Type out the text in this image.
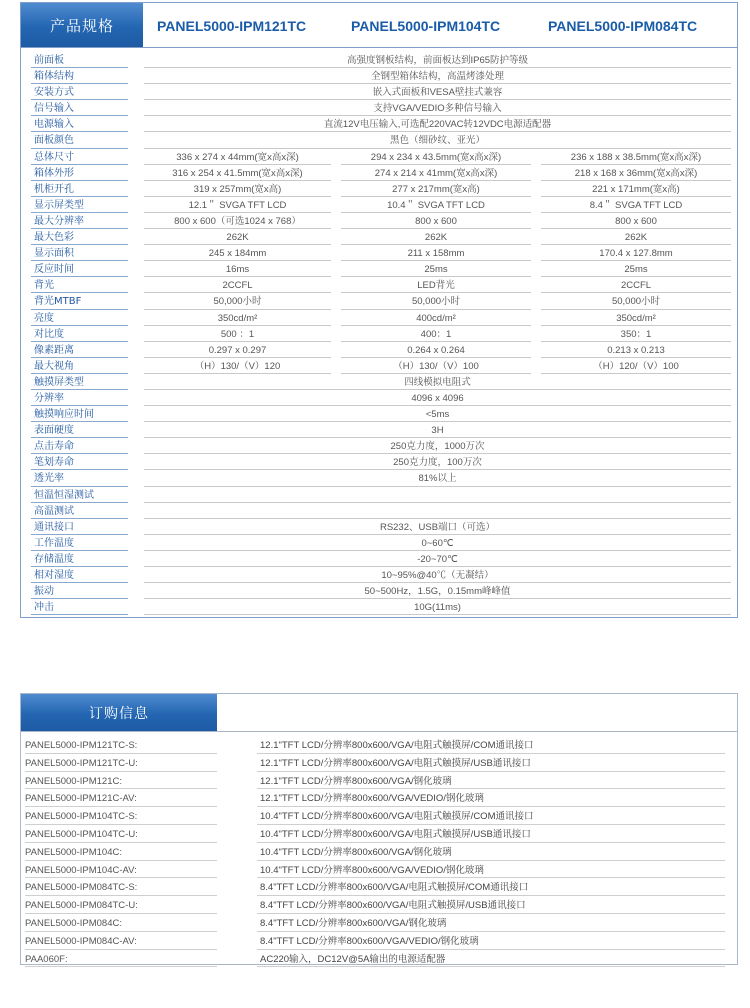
产品规格	PANEL5000-IPM121TC	PANEL5000-IPM104TC	PANEL5000-IPM084TC
前面板	高强度钢板结构，前面板达到IP65防护等级
箱体结构	全钢型箱体结构，高温烤漆处理
安装方式	嵌入式面板和VESA壁挂式兼容
信号输入	支持VGA/VEDIO多种信号输入
电源输入	直流12V电压输入,可选配220VAC转12VDC电源适配器
面板颜色	黑色（细砂纹、亚光）
总体尺寸	336 x 274 x 44mm(宽x高x深)	294 x 234 x 43.5mm(宽x高x深)	236 x 188 x 38.5mm(宽x高x深)
箱体外形	316 x 254 x 41.5mm(宽x高x深)	274 x 214 x 41mm(宽x高x深)	218 x 168 x 36mm(宽x高x深)
机柜开孔	319 x 257mm(宽x高)	277 x 217mm(宽x高)	221 x 171mm(宽x高)
显示屏类型	12.1＂ SVGA TFT LCD	10.4＂ SVGA TFT LCD	8.4＂ SVGA TFT LCD
最大分辨率	800 x 600（可选1024 x 768）	800 x 600	800 x 600
最大色彩	262K	262K	262K
显示面积	245 x 184mm	211 x 158mm	170.4 x 127.8mm
反应时间	16ms	25ms	25ms
背光	2CCFL	LED背光	2CCFL
背光MTBF	50,000小时	50,000小时	50,000小时
亮度	350cd/m²	400cd/m²	350cd/m²
对比度	500 ：1	400：1	350：1
像素距离	0.297 x 0.297	0.264 x 0.264	0.213 x 0.213
最大视角	（H）130/（V）120	（H）130/（V）100	（H）120/（V）100
触摸屏类型	四线模拟电阻式
分辨率	4096 x 4096
触摸响应时间	<5ms
表面硬度	3H
点击寿命	250克力度，1000万次
笔划寿命	250克力度，100万次
透光率	81%以上
恒温恒湿测试
高温测试
通讯接口	RS232、USB端口（可选）
工作温度	0~60℃
存储温度	-20~70℃
相对湿度	10~95%@40℃（无凝结）
振动	50~500Hz，1.5G，0.15mm峰峰值
冲击	10G(11ms)
订购信息
PANEL5000-IPM121TC-S:	12.1"TFT LCD/分辨率800x600/VGA/电阻式触摸屏/COM通讯接口
PANEL5000-IPM121TC-U:	12.1"TFT LCD/分辨率800x600/VGA/电阻式触摸屏/USB通讯接口
PANEL5000-IPM121C:	12.1"TFT LCD/分辨率800x600/VGA/钢化玻璃
PANEL5000-IPM121C-AV:	12.1"TFT LCD/分辨率800x600/VGA/VEDIO/钢化玻璃
PANEL5000-IPM104TC-S:	10.4"TFT LCD/分辨率800x600/VGA/电阻式触摸屏/COM通讯接口
PANEL5000-IPM104TC-U:	10.4"TFT LCD/分辨率800x600/VGA/电阻式触摸屏/USB通讯接口
PANEL5000-IPM104C:	10.4"TFT LCD/分辨率800x600/VGA/钢化玻璃
PANEL5000-IPM104C-AV:	10.4"TFT LCD/分辨率800x600/VGA/VEDIO/钢化玻璃
PANEL5000-IPM084TC-S:	8.4"TFT LCD/分辨率800x600/VGA/电阻式触摸屏/COM通讯接口
PANEL5000-IPM084TC-U:	8.4"TFT LCD/分辨率800x600/VGA/电阻式触摸屏/USB通讯接口
PANEL5000-IPM084C:	8.4"TFT LCD/分辨率800x600/VGA/钢化玻璃
PANEL5000-IPM084C-AV:	8.4"TFT LCD/分辨率800x600/VGA/VEDIO/钢化玻璃
PAA060F:	AC220输入，DC12V@5A输出的电源适配器
